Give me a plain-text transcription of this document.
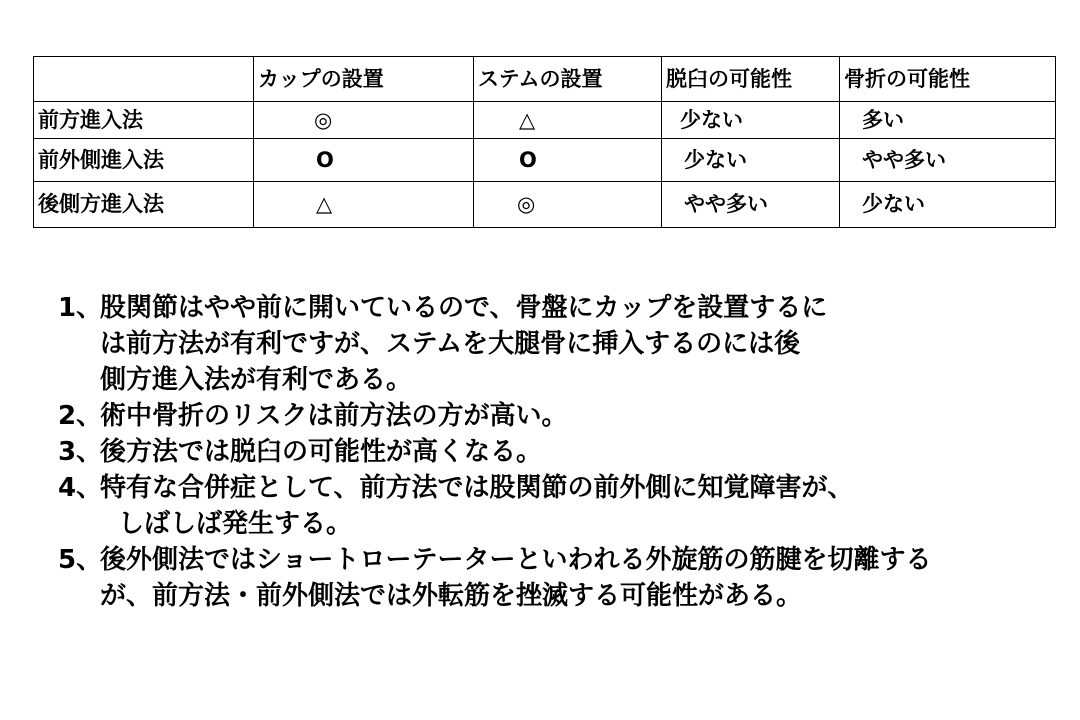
	カップの設置	ステムの設置	脱臼の可能性	骨折の可能性
前方進入法	◎	△	少ない	多い
前外側進入法	O	O	少ない	やや多い
後側方進入法	△	◎	やや多い	少ない
1、
股関節はやや前に開いているので、骨盤にカップを設置するに
は前方法が有利ですが、ステムを大腿骨に挿入するのには後
側方進入法が有利である。
2、
術中骨折のリスクは前方法の方が高い。
3、
後方法では脱臼の可能性が高くなる。
4、
特有な合併症として、前方法では股関節の前外側に知覚障害が、
しばしば発生する。
5、
後外側法ではショートローテーターといわれる外旋筋の筋腱を切離する
が、前方法・前外側法では外転筋を挫滅する可能性がある。
